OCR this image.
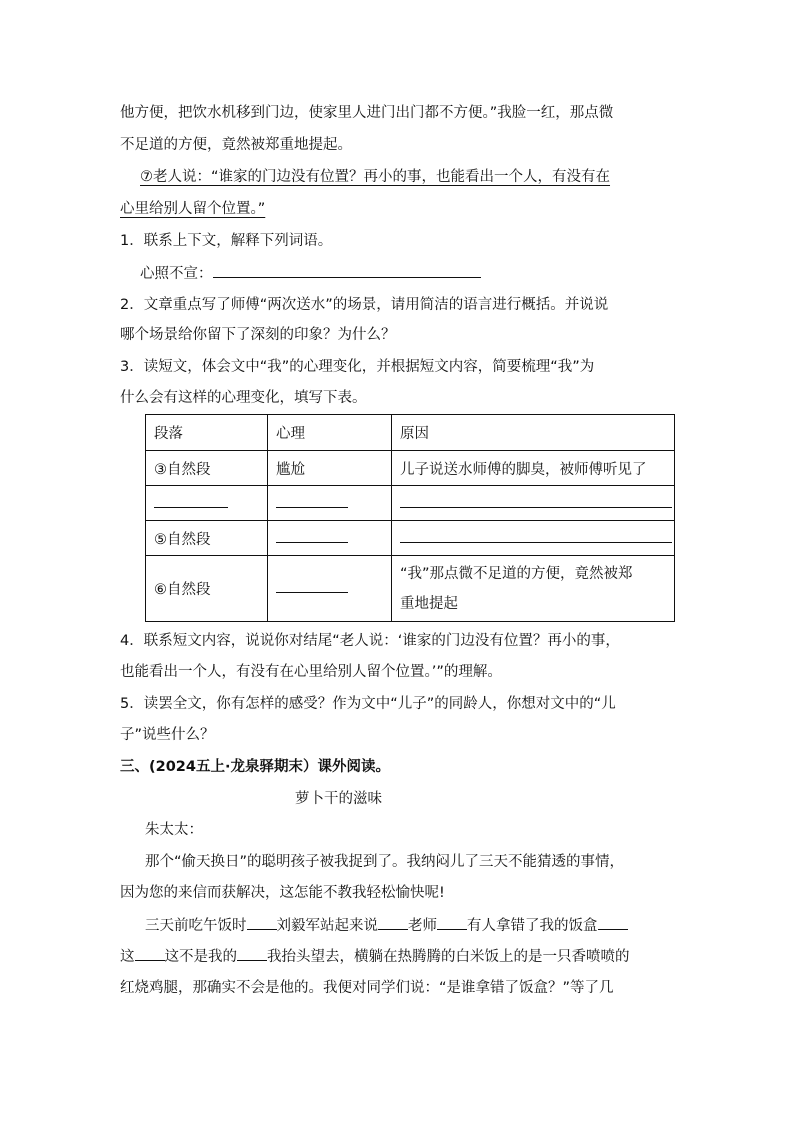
他方便，把饮水机移到门边，使家里人进门出门都不方便。”我脸一红，那点微
不足道的方便，竟然被郑重地提起。
⑦老人说：“谁家的门边没有位置？再小的事，也能看出一个人，有没有在
心里给别人留个位置。”
1．联系上下文，解释下列词语。
心照不宣：
2．文章重点写了师傅“两次送水”的场景，请用简洁的语言进行概括。并说说
哪个场景给你留下了深刻的印象？为什么？
3．读短文，体会文中“我”的心理变化，并根据短文内容，简要梳理“我”为
什么会有这样的心理变化，填写下表。
段落	心理	原因
③自然段	尴尬	儿子说送水师傅的脚臭，被师傅听见了

⑤自然段		
⑥自然段		“我”那点微不足道的方便，竟然被郑
重地提起
4．联系短文内容，说说你对结尾“老人说：‘谁家的门边没有位置？再小的事，
也能看出一个人，有没有在心里给别人留个位置。’”的理解。
5．读罢全文，你有怎样的感受？作为文中“儿子”的同龄人，你想对文中的“儿
子”说些什么？
三、(2024五上·龙泉驿期末）课外阅读。
萝卜干的滋味
朱太太：
那个“偷天换日”的聪明孩子被我捉到了。我纳闷儿了三天不能猜透的事情，
因为您的来信而获解决，这怎能不教我轻松愉快呢!
三天前吃午饭时 刘毅军站起来说 老师 有人拿错了我的饭盒
这 这不是我的 我抬头望去，横躺在热腾腾的白米饭上的是一只香喷喷的
红烧鸡腿，那确实不会是他的。我便对同学们说：“是谁拿错了饭盒？”等了几
